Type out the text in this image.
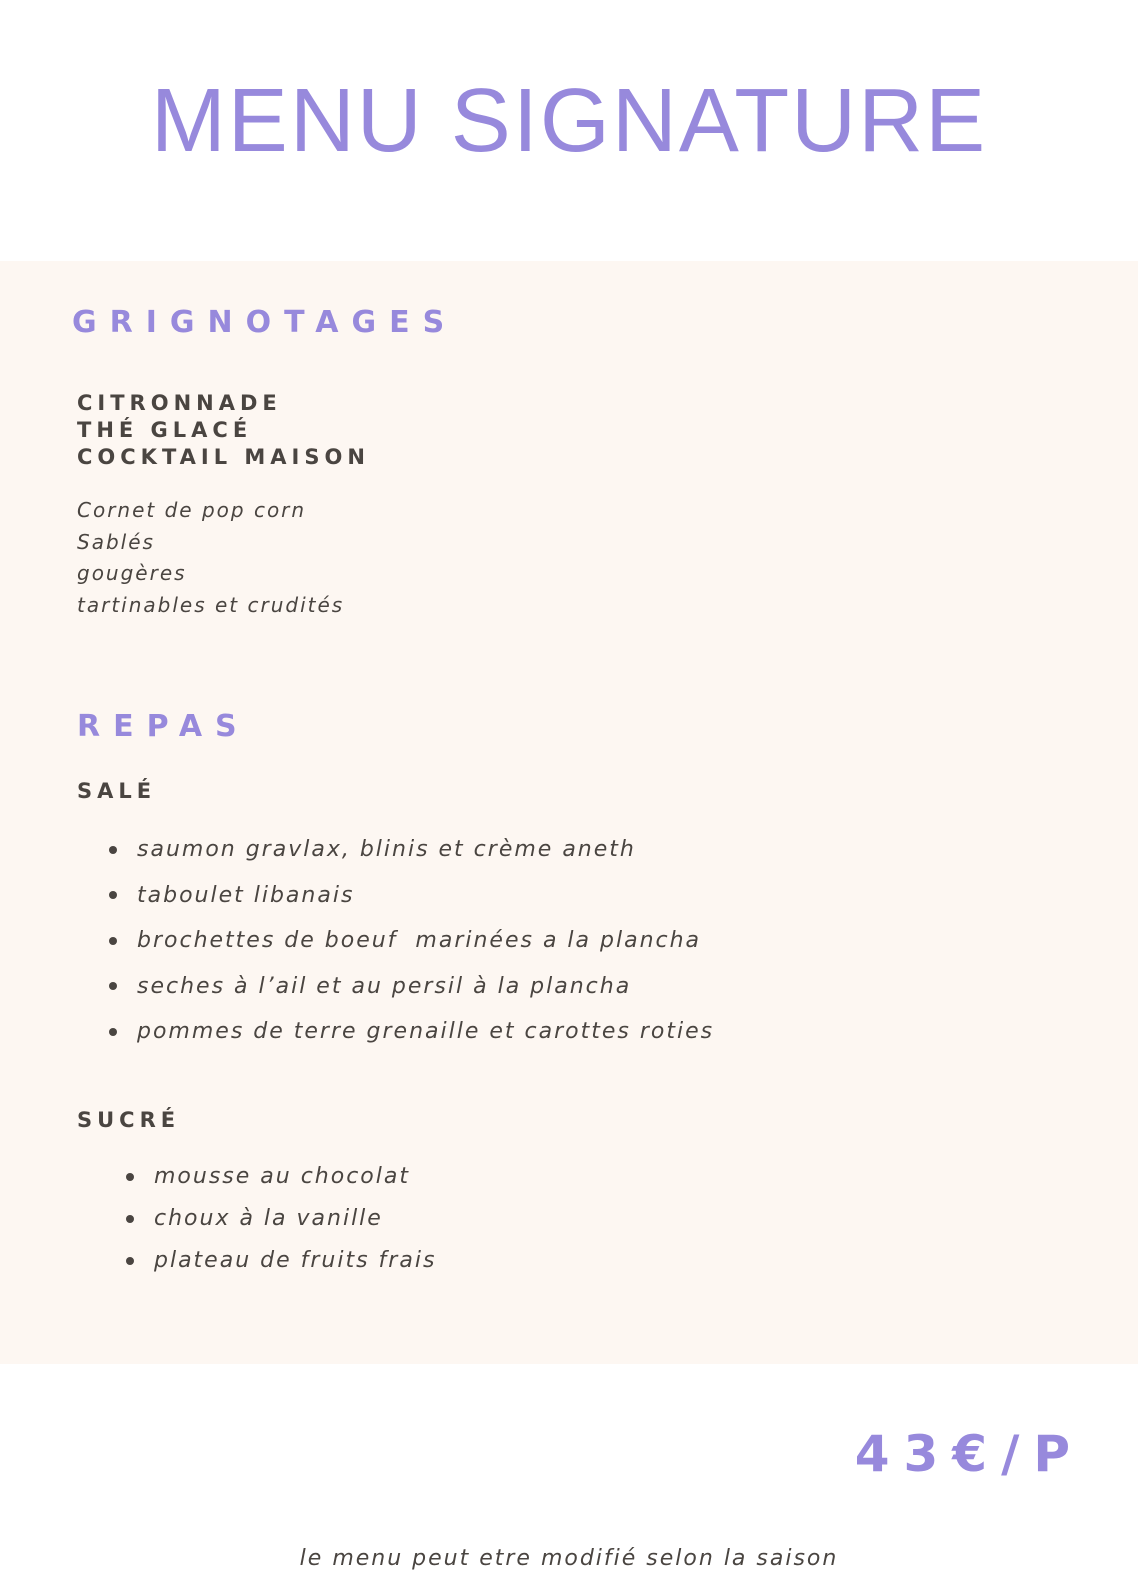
MENU SIGNATURE
GRIGNOTAGES
CITRONNADE
THÉ GLACÉ
COCKTAIL MAISON
Cornet de pop corn
Sablés
gougères
tartinables et crudités
REPAS
SALÉ
saumon gravlax, blinis et crème aneth
taboulet libanais
brochettes de boeuf  marinées a la plancha
seches à l’ail et au persil à la plancha
pommes de terre grenaille et carottes roties
SUCRÉ
mousse au chocolat
choux à la vanille
plateau de fruits frais

43€/P

le menu peut etre modifié selon la saison
